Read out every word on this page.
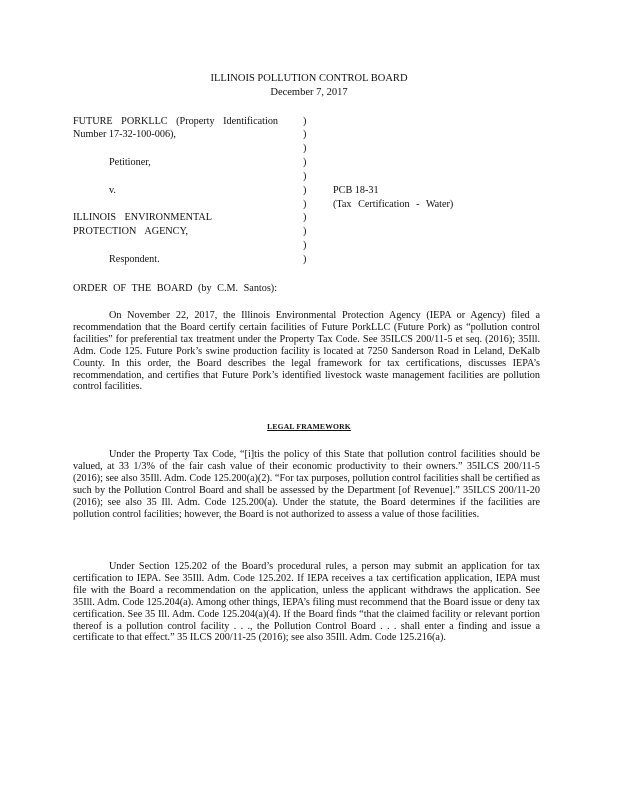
ILLINOIS POLLUTION CONTROL BOARD
December 7, 2017
FUTURE PORKLLC (Property Identification
Number 17-32-100-006),
Petitioner,
v.	PCB 18-31
(Tax Certification - Water)
ILLINOIS ENVIRONMENTAL
PROTECTION AGENCY,
Respondent.
)
)
)
)
)
)
)
)
)
)
)
ORDER OF THE BOARD (by C.M. Santos):

On November 22, 2017, the Illinois Environmental Protection Agency (IEPA or Agency) filed a recommendation that the Board certify certain facilities of Future PorkLLC (Future Pork) as “pollution control facilities” for preferential tax treatment under the Property Tax Code. See 35ILCS 200/11-5 et seq. (2016); 35Ill. Adm. Code 125. Future Pork’s swine production facility is located at 7250 Sanderson Road in Leland, DeKalb County. In this order, the Board describes the legal framework for tax certifications, discusses IEPA’s recommendation, and certifies that Future Pork’s identified livestock waste management facilities are pollution control facilities.

LEGAL FRAMEWORK

Under the Property Tax Code, “[i]tis the policy of this State that pollution control facilities should be valued, at 33 1/3% of the fair cash value of their economic productivity to their owners.” 35ILCS 200/11-5 (2016); see also 35Ill. Adm. Code 125.200(a)(2). “For tax purposes, pollution control facilities shall be certified as such by the Pollution Control Board and shall be assessed by the Department [of Revenue].” 35ILCS 200/11-20 (2016); see also 35 Ill. Adm. Code 125.200(a). Under the statute, the Board determines if the facilities are pollution control facilities; however, the Board is not authorized to assess a value of those facilities.

Under Section 125.202 of the Board’s procedural rules, a person may submit an application for tax certification to IEPA. See 35Ill. Adm. Code 125.202. If IEPA receives a tax certification application, IEPA must file with the Board a recommendation on the application, unless the applicant withdraws the application. See 35Ill. Adm. Code 125.204(a). Among other things, IEPA’s filing must recommend that the Board issue or deny tax certification. See 35 Ill. Adm. Code 125.204(a)(4). If the Board finds “that the claimed facility or relevant portion thereof is a pollution control facility . . ., the Pollution Control Board . . . shall enter a finding and issue a certificate to that effect.” 35 ILCS 200/11-25 (2016); see also 35Ill. Adm. Code 125.216(a).
